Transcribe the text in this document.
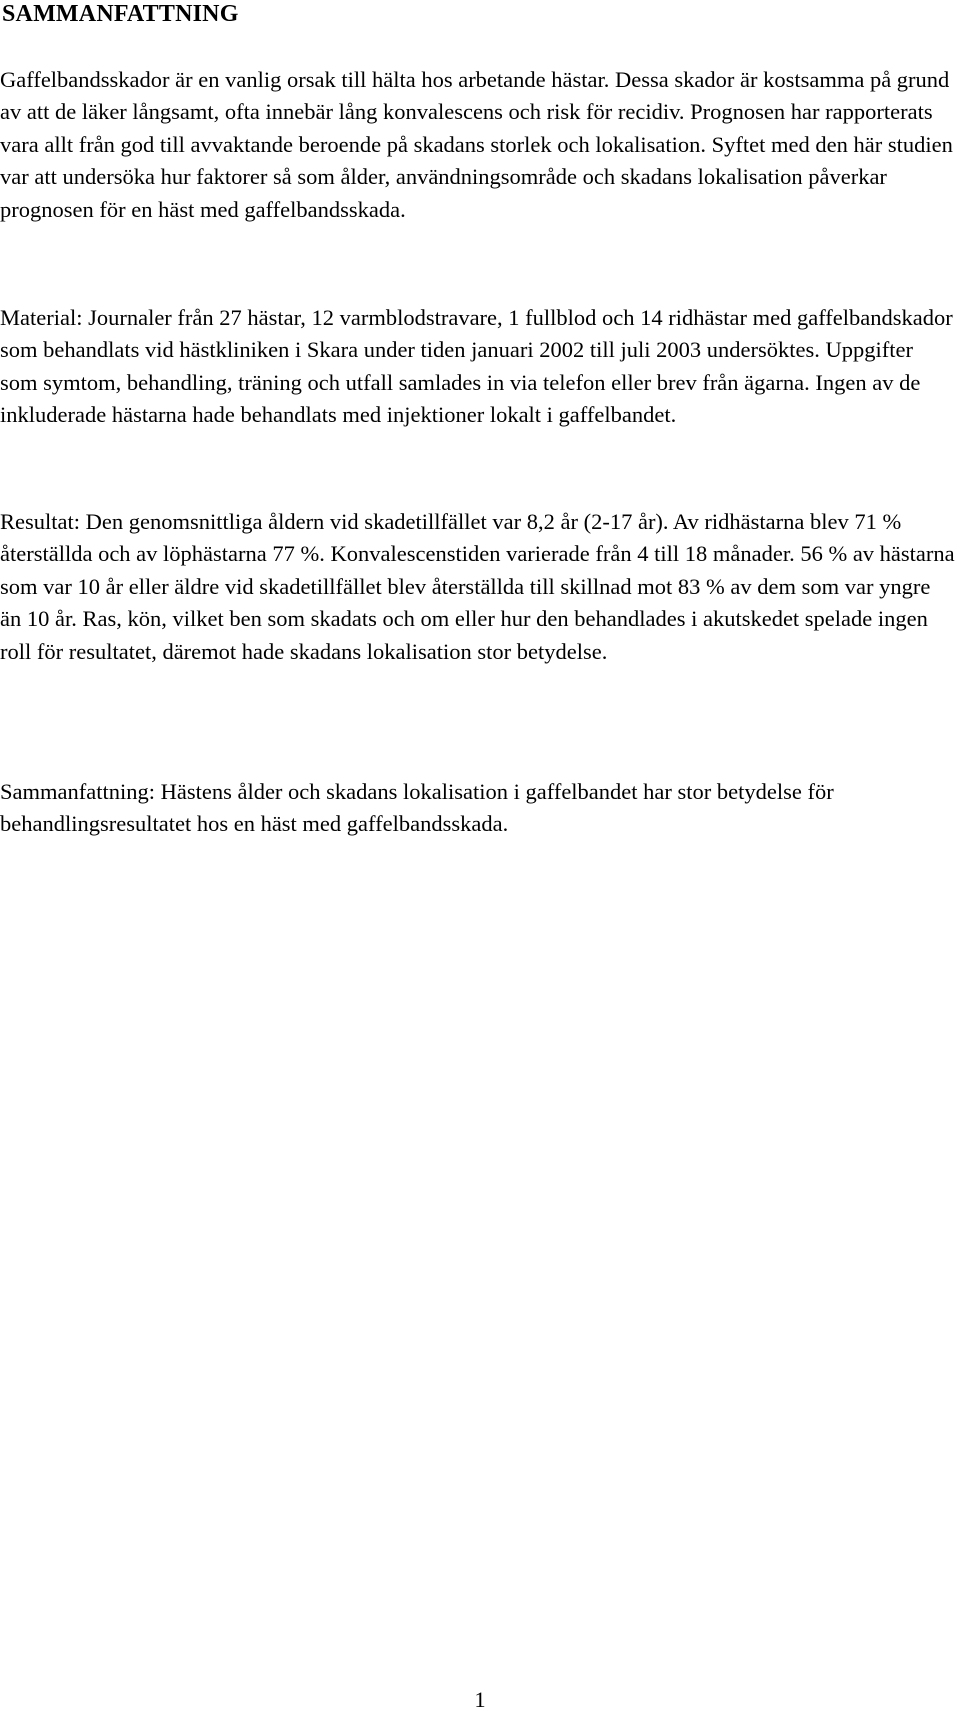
SAMMANFATTNING

Gaffelbandsskador är en vanlig orsak till hälta hos arbetande hästar. Dessa skador är kostsamma på grund av att de läker långsamt, ofta innebär lång konvalescens och risk för recidiv. Prognosen har rapporterats vara allt från god till avvaktande beroende på skadans storlek och lokalisation. Syftet med den här studien var att undersöka hur faktorer så som ålder, användningsområde och skadans lokalisation påverkar prognosen för en häst med gaffelbandsskada.

Material: Journaler från 27 hästar, 12 varmblodstravare, 1 fullblod och 14 ridhästar med gaffelbandskador som behandlats vid hästkliniken i Skara under tiden januari 2002 till juli 2003 undersöktes. Uppgifter som symtom, behandling, träning och utfall samlades in via telefon eller brev från ägarna. Ingen av de inkluderade hästarna hade behandlats med injektioner lokalt i gaffelbandet.

Resultat: Den genomsnittliga åldern vid skadetillfället var 8,2 år (2-17 år). Av ridhästarna blev 71 % återställda och av löphästarna 77 %. Konvalescenstiden varierade från 4 till 18 månader. 56 % av hästarna som var 10 år eller äldre vid skadetillfället blev återställda till skillnad mot 83 % av dem som var yngre än 10 år. Ras, kön, vilket ben som skadats och om eller hur den behandlades i akutskedet spelade ingen roll för resultatet, däremot hade skadans lokalisation stor betydelse.

Sammanfattning: Hästens ålder och skadans lokalisation i gaffelbandet har stor betydelse för behandlingsresultatet hos en häst med gaffelbandsskada.

1
